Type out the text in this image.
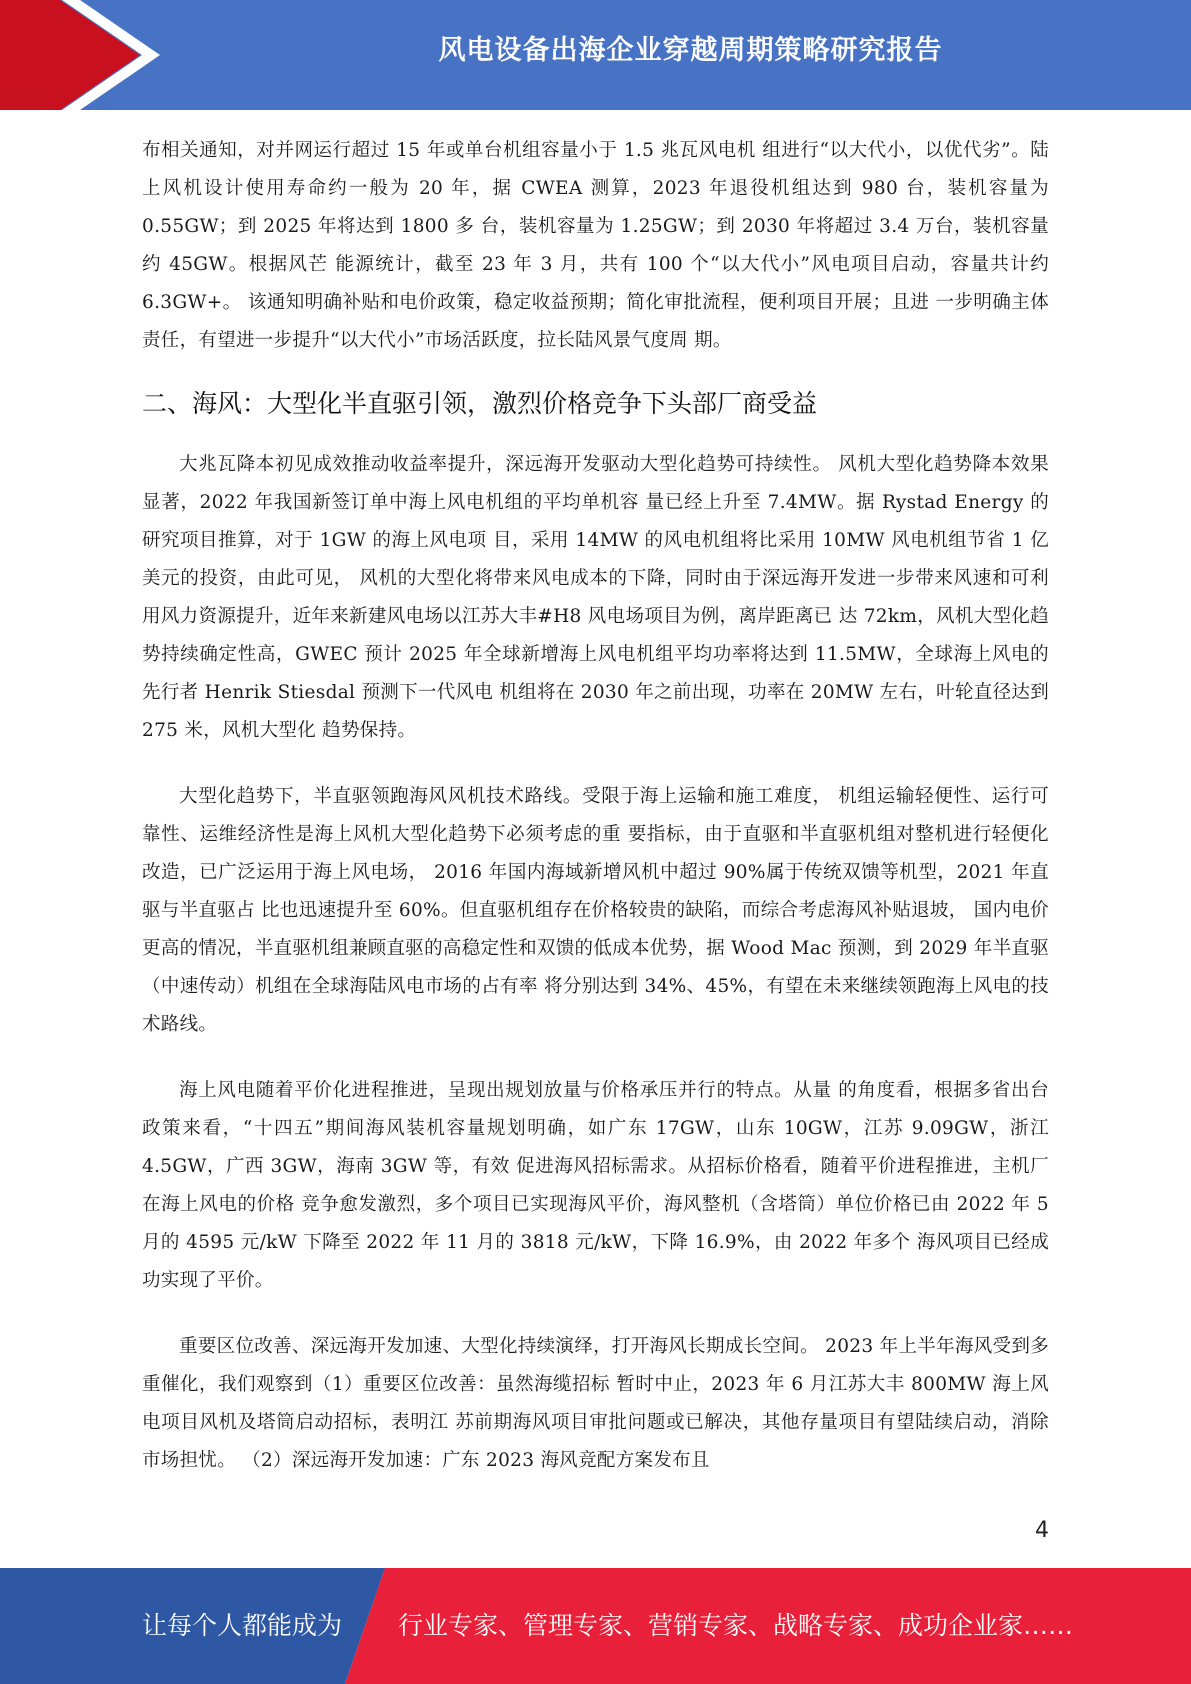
风电设备出海企业穿越周期策略研究报告

布相关通知，对并网运行超过 15 年或单台机组容量小于 1.5 兆瓦风电机 组进行“以大代小，以优代劣”。陆上风机设计使用寿命约一般为 20 年，据 CWEA 测算，2023 年退役机组达到 980 台，装机容量为 0.55GW；到 2025 年将达到 1800 多 台，装机容量为 1.25GW；到 2030 年将超过 3.4 万台，装机容量约 45GW。根据风芒 能源统计，截至 23 年 3 月，共有 100 个“以大代小”风电项目启动，容量共计约 6.3GW+。 该通知明确补贴和电价政策，稳定收益预期；简化审批流程，便利项目开展；且进 一步明确主体责任，有望进一步提升“以大代小”市场活跃度，拉长陆风景气度周 期。

二、海风：大型化半直驱引领，激烈价格竞争下头部厂商受益

大兆瓦降本初见成效推动收益率提升，深远海开发驱动大型化趋势可持续性。 风机大型化趋势降本效果显著，2022 年我国新签订单中海上风电机组的平均单机容 量已经上升至 7.4MW。据 Rystad Energy 的研究项目推算，对于 1GW 的海上风电项 目，采用 14MW 的风电机组将比采用 10MW 风电机组节省 1 亿美元的投资，由此可见， 风机的大型化将带来风电成本的下降，同时由于深远海开发进一步带来风速和可利 用风力资源提升，近年来新建风电场以江苏大丰#H8 风电场项目为例，离岸距离已 达 72km，风机大型化趋势持续确定性高，GWEC 预计 2025 年全球新增海上风电机组平均功率将达到 11.5MW，全球海上风电的先行者 Henrik Stiesdal 预测下一代风电 机组将在 2030 年之前出现，功率在 20MW 左右，叶轮直径达到 275 米，风机大型化 趋势保持。

大型化趋势下，半直驱领跑海风风机技术路线。受限于海上运输和施工难度， 机组运输轻便性、运行可靠性、运维经济性是海上风机大型化趋势下必须考虑的重 要指标，由于直驱和半直驱机组对整机进行轻便化改造，已广泛运用于海上风电场， 2016 年国内海域新增风机中超过 90%属于传统双馈等机型，2021 年直驱与半直驱占 比也迅速提升至 60%。但直驱机组存在价格较贵的缺陷，而综合考虑海风补贴退坡， 国内电价更高的情况，半直驱机组兼顾直驱的高稳定性和双馈的低成本优势，据 Wood Mac 预测，到 2029 年半直驱（中速传动）机组在全球海陆风电市场的占有率 将分别达到 34%、45%，有望在未来继续领跑海上风电的技术路线。

海上风电随着平价化进程推进，呈现出规划放量与价格承压并行的特点。从量 的角度看，根据多省出台政策来看，“十四五”期间海风装机容量规划明确，如广东 17GW，山东 10GW，江苏 9.09GW，浙江 4.5GW，广西 3GW，海南 3GW 等，有效 促进海风招标需求。从招标价格看，随着平价进程推进，主机厂在海上风电的价格 竞争愈发激烈，多个项目已实现海风平价，海风整机（含塔筒）单位价格已由 2022 年 5 月的 4595 元/kW 下降至 2022 年 11 月的 3818 元/kW，下降 16.9%，由 2022 年多个 海风项目已经成功实现了平价。

重要区位改善、深远海开发加速、大型化持续演绎，打开海风长期成长空间。 2023 年上半年海风受到多重催化，我们观察到（1）重要区位改善：虽然海缆招标 暂时中止，2023 年 6 月江苏大丰 800MW 海上风电项目风机及塔筒启动招标，表明江 苏前期海风项目审批问题或已解决，其他存量项目有望陆续启动，消除市场担忧。 （2）深远海开发加速：广东 2023 海风竞配方案发布且

4
让每个人都能成为 行业专家、管理专家、营销专家、战略专家、成功企业家……
